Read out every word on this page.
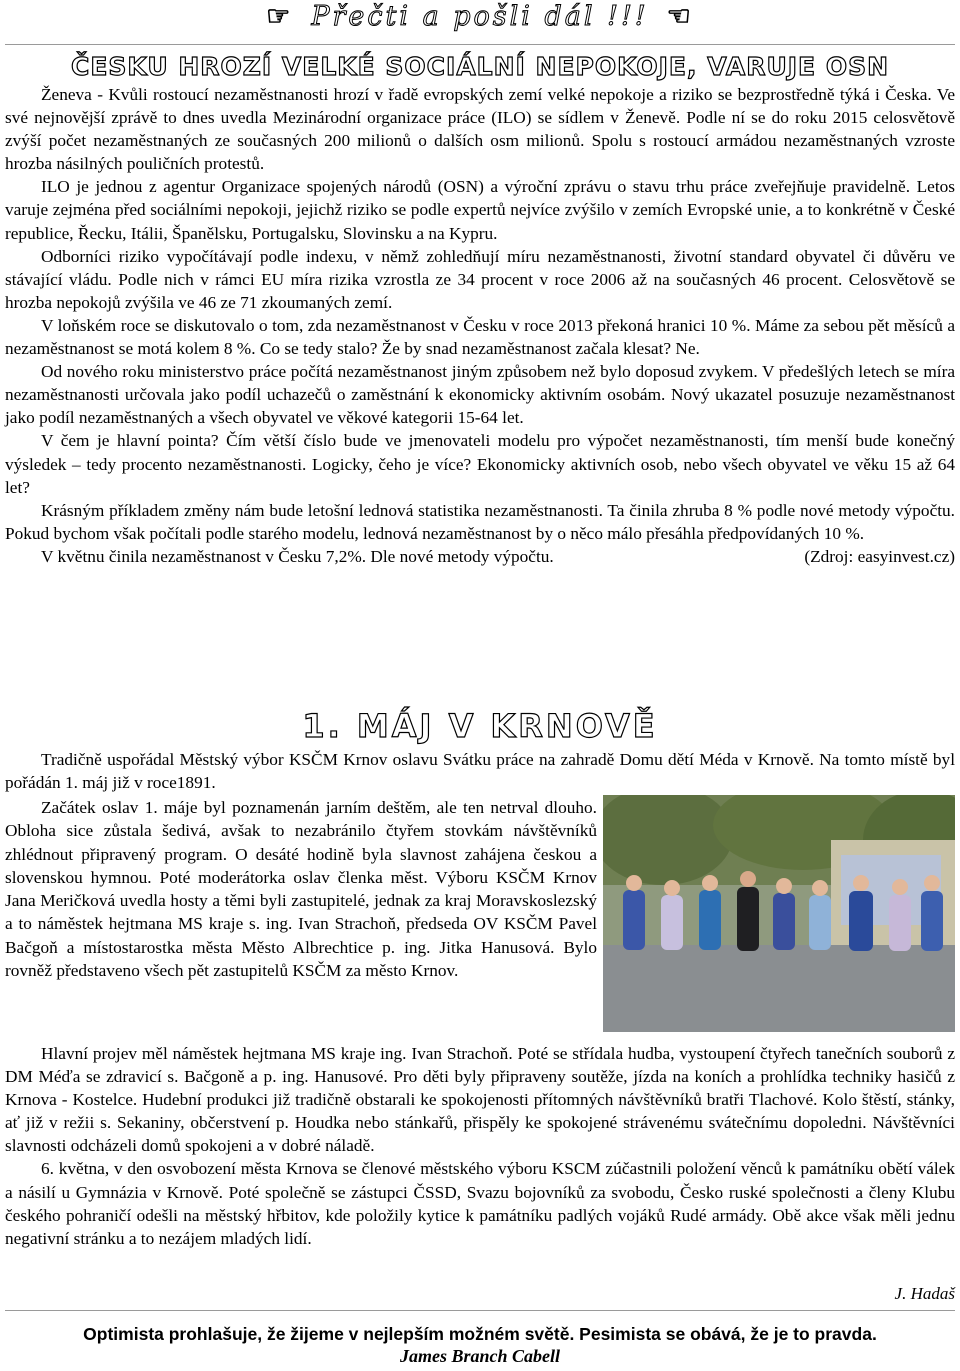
☞ Přečti a pošli dál !!! ☜
ČESKU HROZÍ VELKÉ SOCIÁLNÍ NEPOKOJE, VARUJE OSN

Ženeva - Kvůli rostoucí nezaměstnanosti hrozí v řadě evropských zemí velké nepokoje a riziko se bezprostředně týká i Česka. Ve své nejnovější zprávě to dnes uvedla Mezinárodní organizace práce (ILO) se sídlem v Ženevě. Podle ní se do roku 2015 celosvětově zvýší počet nezaměstnaných ze současných 200 milionů o dalších osm milionů. Spolu s rostoucí armádou nezaměstnaných vzroste hrozba násilných pouličních protestů.

ILO je jednou z agentur Organizace spojených národů (OSN) a výroční zprávu o stavu trhu práce zveřejňuje pravidelně. Letos varuje zejména před sociálními nepokoji, jejichž riziko se podle expertů nejvíce zvýšilo v zemích Evropské unie, a to konkrétně v České republice, Řecku, Itálii, Španělsku, Portugalsku, Slovinsku a na Kypru.

Odborníci riziko vypočítávají podle indexu, v němž zohledňují míru nezaměstnanosti, životní standard obyvatel či důvěru ve stávající vládu. Podle nich v rámci EU míra rizika vzrostla ze 34 procent v roce 2006 až na současných 46 procent. Celosvětově se hrozba nepokojů zvýšila ve 46 ze 71 zkoumaných zemí.

V loňském roce se diskutovalo o tom, zda nezaměstnanost v Česku v roce 2013 překoná hranici 10 %. Máme za sebou pět měsíců a nezaměstnanost se motá kolem 8 %. Co se tedy stalo? Že by snad nezaměstnanost začala klesat? Ne.

Od nového roku ministerstvo práce počítá nezaměstnanost jiným způsobem než bylo doposud zvykem. V předešlých letech se míra nezaměstnanosti určovala jako podíl uchazečů o zaměstnání k ekonomicky aktivním osobám. Nový ukazatel posuzuje nezaměstnanost jako podíl nezaměstnaných a všech obyvatel ve věkové kategorii 15-64 let.

V čem je hlavní pointa? Čím větší číslo bude ve jmenovateli modelu pro výpočet nezaměstnanosti, tím menší bude konečný výsledek – tedy procento nezaměstnanosti. Logicky, čeho je více? Ekonomicky aktivních osob, nebo všech obyvatel ve věku 15 až 64 let?

Krásným příkladem změny nám bude letošní lednová statistika nezaměstnanosti. Ta činila zhruba 8 % podle nové metody výpočtu. Pokud bychom však počítali podle starého modelu, lednová nezaměstnanost by o něco málo přesáhla předpovídaných 10 %.

V květnu činila nezaměstnanost v Česku 7,2%. Dle nové metody výpočtu.	(Zdroj: easyinvest.cz)
1. MÁJ V KRNOVĚ

Tradičně uspořádal Městský výbor KSČM Krnov oslavu Svátku práce na zahradě Domu dětí Méda v Krnově. Na tomto místě byl pořádán 1. máj již v roce1891.

Začátek oslav 1. máje byl poznamenán jarním deštěm, ale ten netrval dlouho. Obloha sice zůstala šedivá, avšak to nezabránilo čtyřem stovkám návštěvníků zhlédnout připravený program. O desáté hodině byla slavnost zahájena českou a slovenskou hymnou. Poté moderátorka oslav členka měst. Výboru KSČM Krnov Jana Meričková uvedla hosty a těmi byli zastupitelé, jednak za kraj Moravskoslezský a to náměstek hejtmana MS kraje s. ing. Ivan Strachoň, předseda OV KSČM Pavel Bačgoň a místostarostka města Město Albrechtice p. ing. Jitka Hanusová. Bylo rovněž představeno všech pět zastupitelů KSČM za město Krnov.

Hlavní projev měl náměstek hejtmana MS kraje ing. Ivan Strachoň. Poté se střídala hudba, vystoupení čtyřech tanečních souborů z DM Méďa se zdravicí s. Bačgoně a p. ing. Hanusové. Pro děti byly připraveny soutěže, jízda na koních a prohlídka techniky hasičů z Krnova - Kostelce. Hudební produkci již tradičně obstarali ke spokojenosti přítomných návštěvníků bratři Tlachové. Kolo štěstí, stánky, ať již v režii s. Sekaniny, občerstvení p. Houdka nebo stánkařů, přispěly ke spokojené strávenému svátečnímu dopoledni. Návštěvníci slavnosti odcházeli domů spokojeni a v dobré náladě.

6. května, v den osvobození města Krnova se členové městského výboru KSCM zúčastnili položení věnců k památníku obětí válek a násilí u Gymnázia v Krnově. Poté společně se zástupci ČSSD, Svazu bojovníků za svobodu, Česko ruské společnosti a členy Klubu českého pohraničí odešli na městský hřbitov, kde položily kytice k památníku padlých vojáků Rudé armády. Obě akce však měli jednu negativní stránku a to nezájem mladých lidí.

J. Hadaš
Optimista prohlašuje, že žijeme v nejlepším možném světě. Pesimista se obává, že je to pravda.
James Branch Cabell
